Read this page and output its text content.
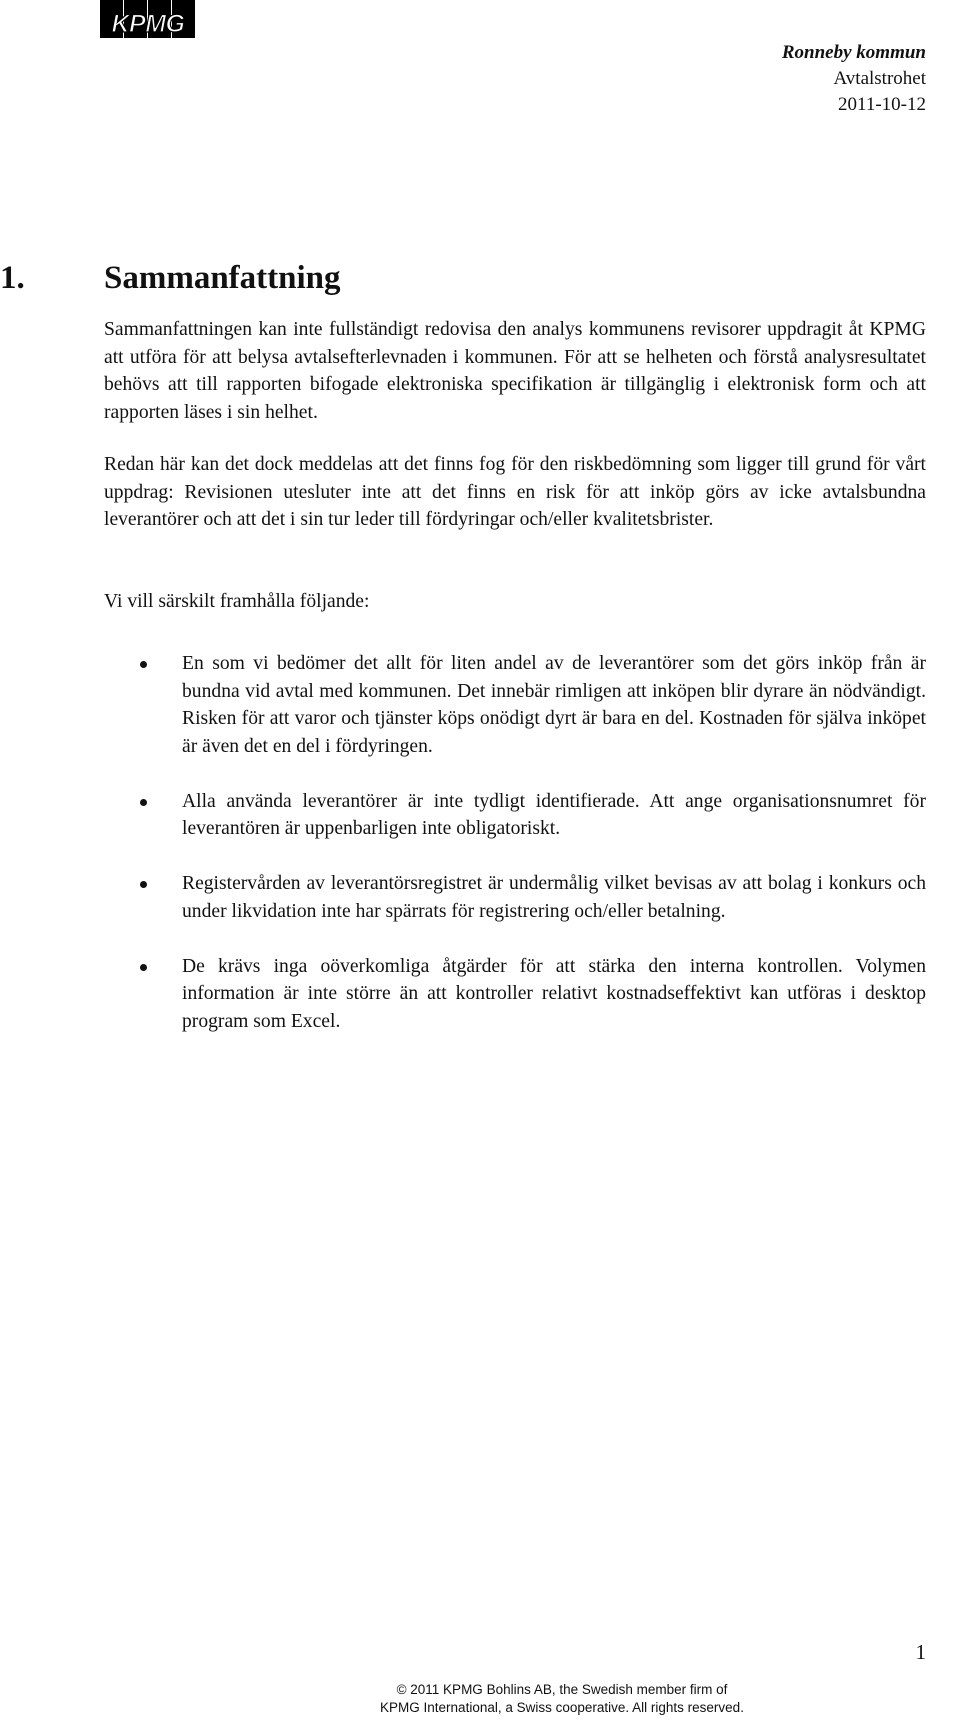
KPMG
Ronneby kommun
Avtalstrohet
2011-10-12
1. Sammanfattning

Sammanfattningen kan inte fullständigt redovisa den analys kommunens revisorer uppdragit åt KPMG att utföra för att belysa avtalsefterlevnaden i kommunen. För att se helheten och förstå analysresultatet behövs att till rapporten bifogade elektroniska specifikation är tillgänglig i elektronisk form och att rapporten läses i sin helhet.

Redan här kan det dock meddelas att det finns fog för den riskbedömning som ligger till grund för vårt uppdrag: Revisionen utesluter inte att det finns en risk för att inköp görs av icke avtalsbundna leverantörer och att det i sin tur leder till fördyringar och/eller kvalitetsbrister.

Vi vill särskilt framhålla följande:

En som vi bedömer det allt för liten andel av de leverantörer som det görs inköp från är bundna vid avtal med kommunen. Det innebär rimligen att inköpen blir dyrare än nödvändigt. Risken för att varor och tjänster köps onödigt dyrt är bara en del. Kostnaden för själva inköpet är även det en del i fördyringen.
Alla använda leverantörer är inte tydligt identifierade. Att ange organisationsnumret för leverantören är uppenbarligen inte obligatoriskt.
Registervården av leverantörsregistret är undermålig vilket bevisas av att bolag i konkurs och under likvidation inte har spärrats för registrering och/eller betalning.
De krävs inga oöverkomliga åtgärder för att stärka den interna kontrollen. Volymen information är inte större än att kontroller relativt kostnadseffektivt kan utföras i desktop program som Excel.
1
© 2011 KPMG Bohlins AB, the Swedish member firm of
KPMG International, a Swiss cooperative. All rights reserved.
